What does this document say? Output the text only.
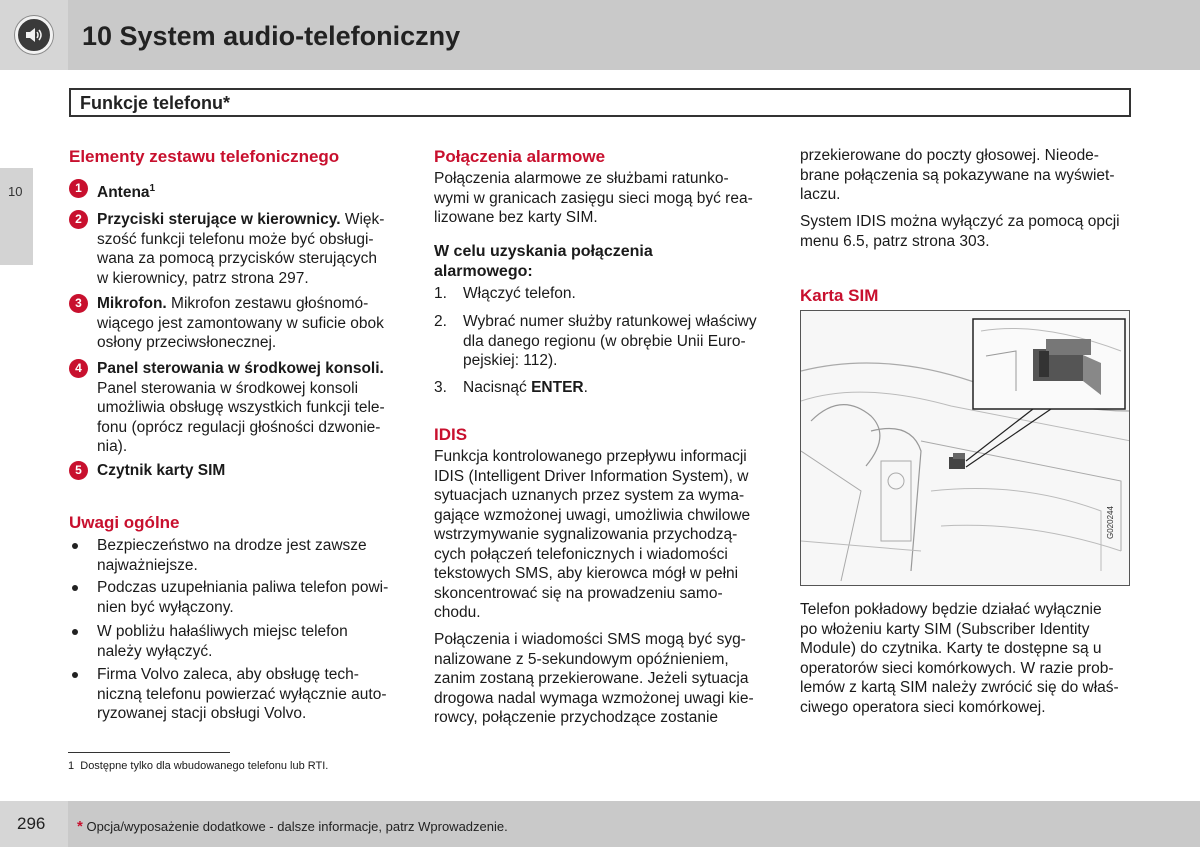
10 System audio-telefoniczny
10
Funkcje telefonu*
Elementy zestawu telefonicznego
1 Antena$^1$
2 Przyciski sterujące w kierownicy. Więk-
szość funkcji telefonu może być obsługi-
wana za pomocą przycisków sterujących
w kierownicy, patrz strona 297.
3 Mikrofon. Mikrofon zestawu głośnomó-
wiącego jest zamontowany w suficie obok
osłony przeciwsłonecznej.
4 Panel sterowania w środkowej konsoli.
Panel sterowania w środkowej konsoli
umożliwia obsługę wszystkich funkcji tele-
fonu (oprócz regulacji głośności dzwonie-
nia).
5 Czytnik karty SIM
Uwagi ogólne
Bezpieczeństwo na drodze jest zawsze
najważniejsze.
Podczas uzupełniania paliwa telefon powi-
nien być wyłączony.
W pobliżu hałaśliwych miejsc telefon
należy wyłączyć.
Firma Volvo zaleca, aby obsługę tech-
niczną telefonu powierzać wyłącznie auto-
ryzowanej stacji obsługi Volvo.
Połączenia alarmowe
Połączenia alarmowe ze służbami ratunko-
wymi w granicach zasięgu sieci mogą być rea-
lizowane bez karty SIM.
W celu uzyskania połączenia
alarmowego:
1. Włączyć telefon.
2. Wybrać numer służby ratunkowej właściwy
dla danego regionu (w obrębie Unii Euro-
pejskiej: 112).
3. Nacisnąć ENTER.
IDIS
Funkcja kontrolowanego przepływu informacji
IDIS (Intelligent Driver Information System), w
sytuacjach uznanych przez system za wyma-
gające wzmożonej uwagi, umożliwia chwilowe
wstrzymywanie sygnalizowania przychodzą-
cych połączeń telefonicznych i wiadomości
tekstowych SMS, aby kierowca mógł w pełni
skoncentrować się na prowadzeniu samo-
chodu.
Połączenia i wiadomości SMS mogą być syg-
nalizowane z 5-sekundowym opóźnieniem,
zanim zostaną przekierowane. Jeżeli sytuacja
drogowa nadal wymaga wzmożonej uwagi kie-
rowcy, połączenie przychodzące zostanie
przekierowane do poczty głosowej. Nieode-
brane połączenia są pokazywane na wyświet-
laczu.
System IDIS można wyłączyć za pomocą opcji
menu 6.5, patrz strona 303.
Karta SIM
G020244
Telefon pokładowy będzie działać wyłącznie
po włożeniu karty SIM (Subscriber Identity
Module) do czytnika. Karty te dostępne są u
operatorów sieci komórkowych. W razie prob-
lemów z kartą SIM należy zwrócić się do właś-
ciwego operatora sieci komórkowej.
1 Dostępne tylko dla wbudowanego telefonu lub RTI.
296 * Opcja/wyposażenie dodatkowe - dalsze informacje, patrz Wprowadzenie.
